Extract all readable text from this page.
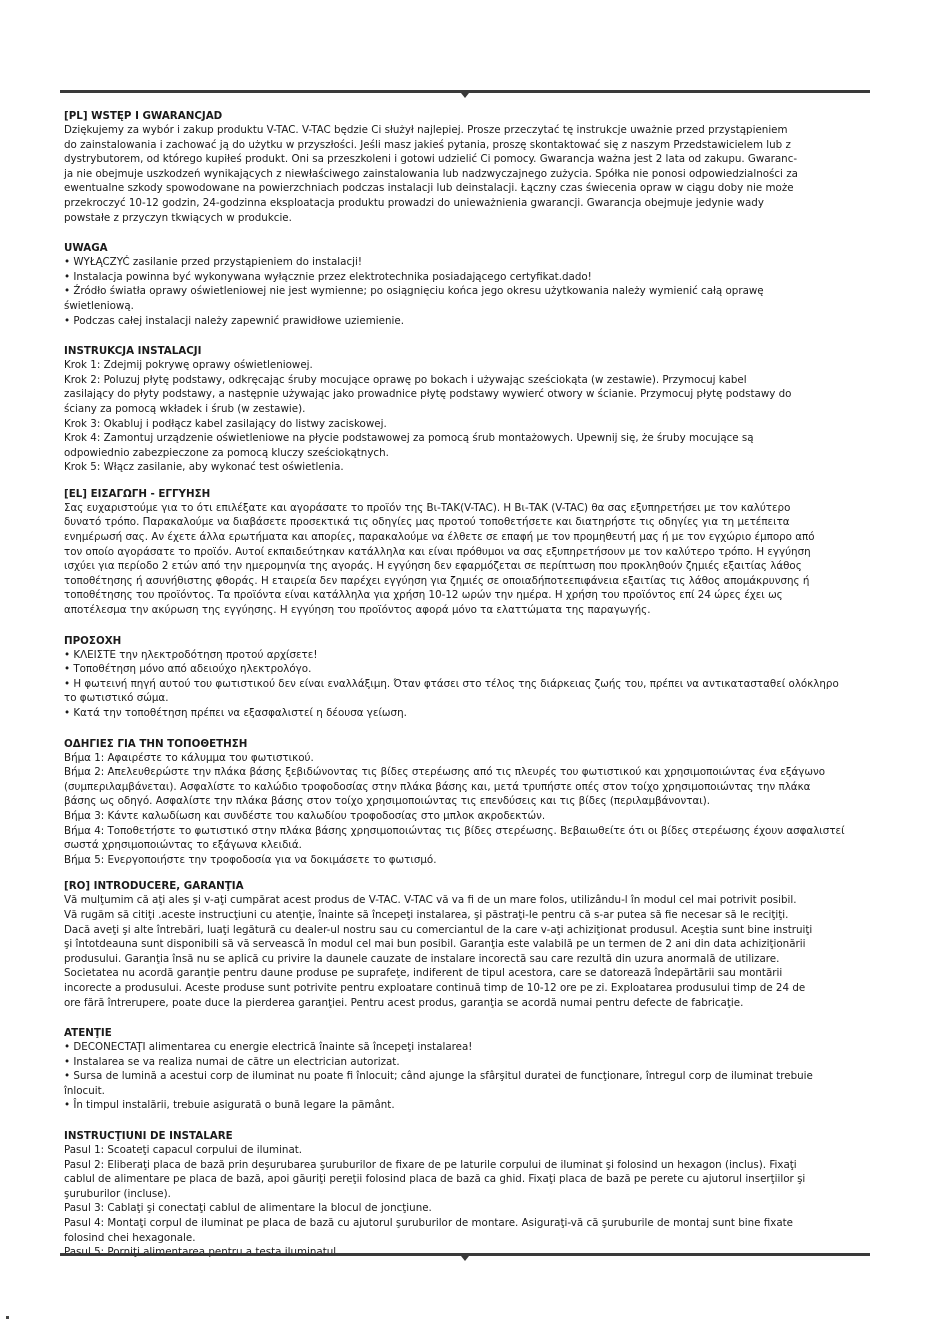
[PL] WSTĘP I GWARANCJAD
Dziękujemy za wybór i zakup produktu V-TAC. V-TAC będzie Ci służył najlepiej. Prosze przeczytać tę instrukcje uważnie przed przystąpieniem
do zainstalowania i zachować ją do użytku w przyszłości. Jeśli masz jakieś pytania, proszę skontaktować się z naszym Przedstawicielem lub z
dystrybutorem, od którego kupiłeś produkt. Oni sa przeszkoleni i gotowi udzielić Ci pomocy. Gwarancja ważna jest 2 lata od zakupu. Gwaranc-
ja nie obejmuje uszkodzeń wynikających z niewłaściwego zainstalowania lub nadzwyczajnego zużycia. Spółka nie ponosi odpowiedzialności za
ewentualne szkody spowodowane na powierzchniach podczas instalacji lub deinstalacji. Łączny czas świecenia opraw w ciągu doby nie może
przekroczyć 10-12 godzin, 24-godzinna eksploatacja produktu prowadzi do unieważnienia gwarancji. Gwarancja obejmuje jedynie wady
powstałe z przyczyn tkwiących w produkcie.
UWAGA
• WYŁĄCZYĆ zasilanie przed przystąpieniem do instalacji!
• Instalacja powinna być wykonywana wyłącznie przez elektrotechnika posiadającego certyfikat.dado!
• Źródło światła oprawy oświetleniowej nie jest wymienne; po osiągnięciu końca jego okresu użytkowania należy wymienić całą oprawę
świetleniową.
• Podczas całej instalacji należy zapewnić prawidłowe uziemienie.
INSTRUKCJA INSTALACJI
Krok 1: Zdejmij pokrywę oprawy oświetleniowej.
Krok 2: Poluzuj płytę podstawy, odkręcając śruby mocujące oprawę po bokach i używając sześciokąta (w zestawie). Przymocuj kabel
zasilający do płyty podstawy, a następnie używając jako prowadnice płytę podstawy wywierć otwory w ścianie. Przymocuj płytę podstawy do
ściany za pomocą wkładek i śrub (w zestawie).
Krok 3: Okabluj i podłącz kabel zasilający do listwy zaciskowej.
Krok 4: Zamontuj urządzenie oświetleniowe na płycie podstawowej za pomocą śrub montażowych. Upewnij się, że śruby mocujące są
odpowiednio zabezpieczone za pomocą kluczy sześciokątnych.
Krok 5: Włącz zasilanie, aby wykonać test oświetlenia.
[EL] ΕΙΣΑΓΩΓΗ - ΕΓΓΥΗΣΗ
Σας ευχαριστούμε για το ότι επιλέξατε και αγοράσατε το προϊόν της Bι-TAK(V-TAC). Η Bι-TAK (V-TAC) θα σας εξυπηρετήσει με τον καλύτερο
δυνατό τρόπο. Παρακαλούμε να διαβάσετε προσεκτικά τις οδηγίες μας προτού τοποθετήσετε και διατηρήστε τις οδηγίες για τη μετέπειτα
ενημέρωσή σας. Αν έχετε άλλα ερωτήματα και απορίες, παρακαλούμε να έλθετε σε επαφή με τον προμηθευτή μας ή με τον εγχώριο έμπορο από
τον οποίο αγοράσατε το προϊόν. Αυτοί εκπαιδεύτηκαν κατάλληλα και είναι πρόθυμοι να σας εξυπηρετήσουν με τον καλύτερο τρόπο. Η εγγύηση
ισχύει για περίοδο 2 ετών από την ημερομηνία της αγοράς. Η εγγύηση δεν εφαρμόζεται σε περίπτωση που προκληθούν ζημιές εξαιτίας λάθος
τοποθέτησης ή ασυνήθιστης φθοράς. Η εταιρεία δεν παρέχει εγγύηση για ζημιές σε οποιαδήποτεεπιφάνεια εξαιτίας τις λάθος απομάκρυνσης ή
τοποθέτησης του προϊόντος. Τα προϊόντα είναι κατάλληλα για χρήση 10-12 ωρών την ημέρα. Η χρήση του προϊόντος επί 24 ώρες έχει ως
αποτέλεσμα την ακύρωση της εγγύησης. Η εγγύηση του προϊόντος αφορά μόνο τα ελαττώματα της παραγωγής.
ΠΡΟΣΟΧΗ
• ΚΛΕΙΣΤΕ την ηλεκτροδότηση προτού αρχίσετε!
• Τοποθέτηση μόνο από αδειούχο ηλεκτρολόγο.
• Η φωτεινή πηγή αυτού του φωτιστικού δεν είναι εναλλάξιμη. Όταν φτάσει στο τέλος της διάρκειας ζωής του, πρέπει να αντικατασταθεί ολόκληρο
το φωτιστικό σώμα.
• Κατά την τοποθέτηση πρέπει να εξασφαλιστεί η δέουσα γείωση.
ΟΔΗΓΙΕΣ ΓΙΑ ΤΗΝ ΤΟΠΟΘΕΤΗΣΗ
Βήμα 1: Αφαιρέστε το κάλυμμα του φωτιστικού.
Βήμα 2: Απελευθερώστε την πλάκα βάσης ξεβιδώνοντας τις βίδες στερέωσης από τις πλευρές του φωτιστικού και χρησιμοποιώντας ένα εξάγωνο
(συμπεριλαμβάνεται). Ασφαλίστε το καλώδιο τροφοδοσίας στην πλάκα βάσης και, μετά τρυπήστε οπές στον τοίχο χρησιμοποιώντας την πλάκα
βάσης ως οδηγό. Ασφαλίστε την πλάκα βάσης στον τοίχο χρησιμοποιώντας τις επενδύσεις και τις βίδες (περιλαμβάνονται).
Βήμα 3: Κάντε καλωδίωση και συνδέστε του καλωδίου τροφοδοσίας στο μπλοκ ακροδεκτών.
Βήμα 4: Τοποθετήστε το φωτιστικό στην πλάκα βάσης χρησιμοποιώντας τις βίδες στερέωσης. Βεβαιωθείτε ότι οι βίδες στερέωσης έχουν ασφαλιστεί
σωστά χρησιμοποιώντας το εξάγωνα κλειδιά.
Βήμα 5: Ενεργοποιήστε την τροφοδοσία για να δοκιμάσετε το φωτισμό.
[RO] INTRODUCERE, GARANŢIA
Vă mulţumim că aţi ales şi v-aţi cumpărat acest produs de V-TAC. V-TAC vă va fi de un mare folos, utilizându-l în modul cel mai potrivit posibil.
Vă rugăm să citiţi .aceste instrucţiuni cu atenţie, înainte să începeţi instalarea, şi păstraţi-le pentru că s-ar putea să fie necesar să le reciţiţi.
Dacă aveţi şi alte întrebări, luaţi legătură cu dealer-ul nostru sau cu comerciantul de la care v-aţi achiziţionat produsul. Aceştia sunt bine instruiţi
şi întotdeauna sunt disponibili să vă servească în modul cel mai bun posibil. Garanţia este valabilă pe un termen de 2 ani din data achiziţionării
produsului. Garanţia însă nu se aplică cu privire la daunele cauzate de instalare incorectă sau care rezultă din uzura anormală de utilizare.
Societatea nu acordă garanţie pentru daune produse pe suprafeţe, indiferent de tipul acestora, care se datorează îndepărtării sau montării
incorecte a produsului. Aceste produse sunt potrivite pentru exploatare continuă timp de 10-12 ore pe zi. Exploatarea produsului timp de 24 de
ore fără întrerupere, poate duce la pierderea garanţiei. Pentru acest produs, garanţia se acordă numai pentru defecte de fabricaţie.
ATENŢIE
• DECONECTAŢI alimentarea cu energie electrică înainte să începeţi instalarea!
• Instalarea se va realiza numai de către un electrician autorizat.
• Sursa de lumină a acestui corp de iluminat nu poate fi înlocuit; când ajunge la sfârşitul duratei de funcţionare, întregul corp de iluminat trebuie
înlocuit.
• În timpul instalării, trebuie asigurată o bună legare la pământ.
INSTRUCŢIUNI DE INSTALARE
Pasul 1: Scoateţi capacul corpului de iluminat.
Pasul 2: Eliberaţi placa de bază prin deşurubarea şuruburilor de fixare de pe laturile corpului de iluminat şi folosind un hexagon (inclus). Fixaţi
cablul de alimentare pe placa de bază, apoi găuriţi pereţii folosind placa de bază ca ghid. Fixaţi placa de bază pe perete cu ajutorul inserţiilor şi
şuruburilor (incluse).
Pasul 3: Cablaţi şi conectaţi cablul de alimentare la blocul de joncţiune.
Pasul 4: Montaţi corpul de iluminat pe placa de bază cu ajutorul şuruburilor de montare. Asiguraţi-vă că şuruburile de montaj sunt bine fixate
folosind chei hexagonale.
